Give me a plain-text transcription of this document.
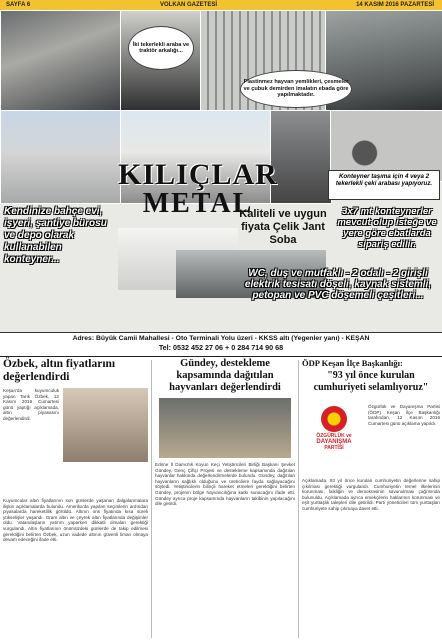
SAYFA 6	VOLKAN GAZETESİ	14 KASIM 2016 PAZARTESİ
İki tekerlekli araba ve traktör arkalığı...
Plastinmez hayvan yemlikleri, çesmeler ve çubuk demirden imalatın ebada göre yapılmaktadır.
Konteyner taşıma için 4 veya 2 tekerlekli çeki arabası yapıyoruz.
KILIÇLAR
METAL
Kendinize bahçe evi, işyeri, şantiye bürosu ve depo olarak kullanabilen konteyner...
Kaliteli ve uygun fiyata Çelik Jant Soba
3x7 mt konteynerler mevcut olup isteğe ve yere göre ebatlarda sipariş edilir.
WC, duş ve mutfaklı - 2 odalı - 2 girişli elektrik tesisatı döşeli, kaynak sistemli, petopan ve PVC döşemeli çeşitleri...
Adres: Büyük Camii Mahallesi - Oto Terminali Yolu üzeri - KKSS altı (Yegenler yanı) - KEŞAN
Tel: 0532 452 27 06 + 0 284 714 90 68
Özbek, altın fiyatlarını değerlendirdi
Keşan'da kuyumculuk yapan Tarık Özbek, 12 Kasım 2016 Cumartesi günü yaptığı açıklamada, altın piyasasını değerlendirdi.
Kuyumcular altın fiyatlarının son günlerde yaşanan dalgalanmalara ilişkin açıklamalarda bulundu. Amerika'da yapılan seçimlerin ardından piyasalarda hareketlilik görüldü. Altının ons fiyatında kısa süreli yükselişler yaşandı. Gram altın ve çeyrek altın fiyatlarında değişimler oldu. Vatandaşların yatırım yaparken dikkatli olmaları gerektiği vurgulandı. Altın fiyatlarının önümüzdeki günlerde de takip edilmesi gerektiğini belirten Özbek, uzun vadede altının güvenli liman olmaya devam edeceğini ifade etti.
Gündey, destekleme kapsamında dağıtılan hayvanları değerlendirdi
Edirne İl Damızlık Koyun Keçi Yetiştiricileri Birliği Başkanı Şevket Gündey, Genç Çiftçi Projesi ve destekleme kapsamında dağıtılan hayvanlar hakkında değerlendirmelerde bulundu. Gündey, dağıtılan hayvanların sağlıklı olduğunu ve üreticilere fayda sağlayacağını söyledi. Yetiştiricilerin bilinçli hareket etmeleri gerektiğini belirten Gündey, projenin bölge hayvancılığına katkı sunacağını ifade etti. Gündey ayrıca proje kapsamında hayvanların takibinin yapılacağını dile getirdi.
ÖDP Keşan İlçe Başkanlığı:
"93 yıl önce kurulan cumhuriyeti selamlıyoruz"
ÖZGÜRLÜK ve
DAYANIŞMA
PARTİSİ
Özgürlük ve Dayanışma Partisi (ÖDP) Keşan İlçe Başkanlığı tarafından, 12 Kasım 2016 Cumartesi günü açıklama yapıldı.
Açıklamada, 93 yıl önce kurulan cumhuriyetin değerlerine sahip çıkılması gerektiği vurgulandı. Cumhuriyetin temel ilkelerinin korunması, laikliğin ve demokrasinin savunulması çağrısında bulunuldu. Açıklamada ayrıca emekçilerin haklarının korunması ve eşit yurttaşlık talepleri dile getirildi. Parti yöneticileri tüm yurttaşları cumhuriyete sahip çıkmaya davet etti.
